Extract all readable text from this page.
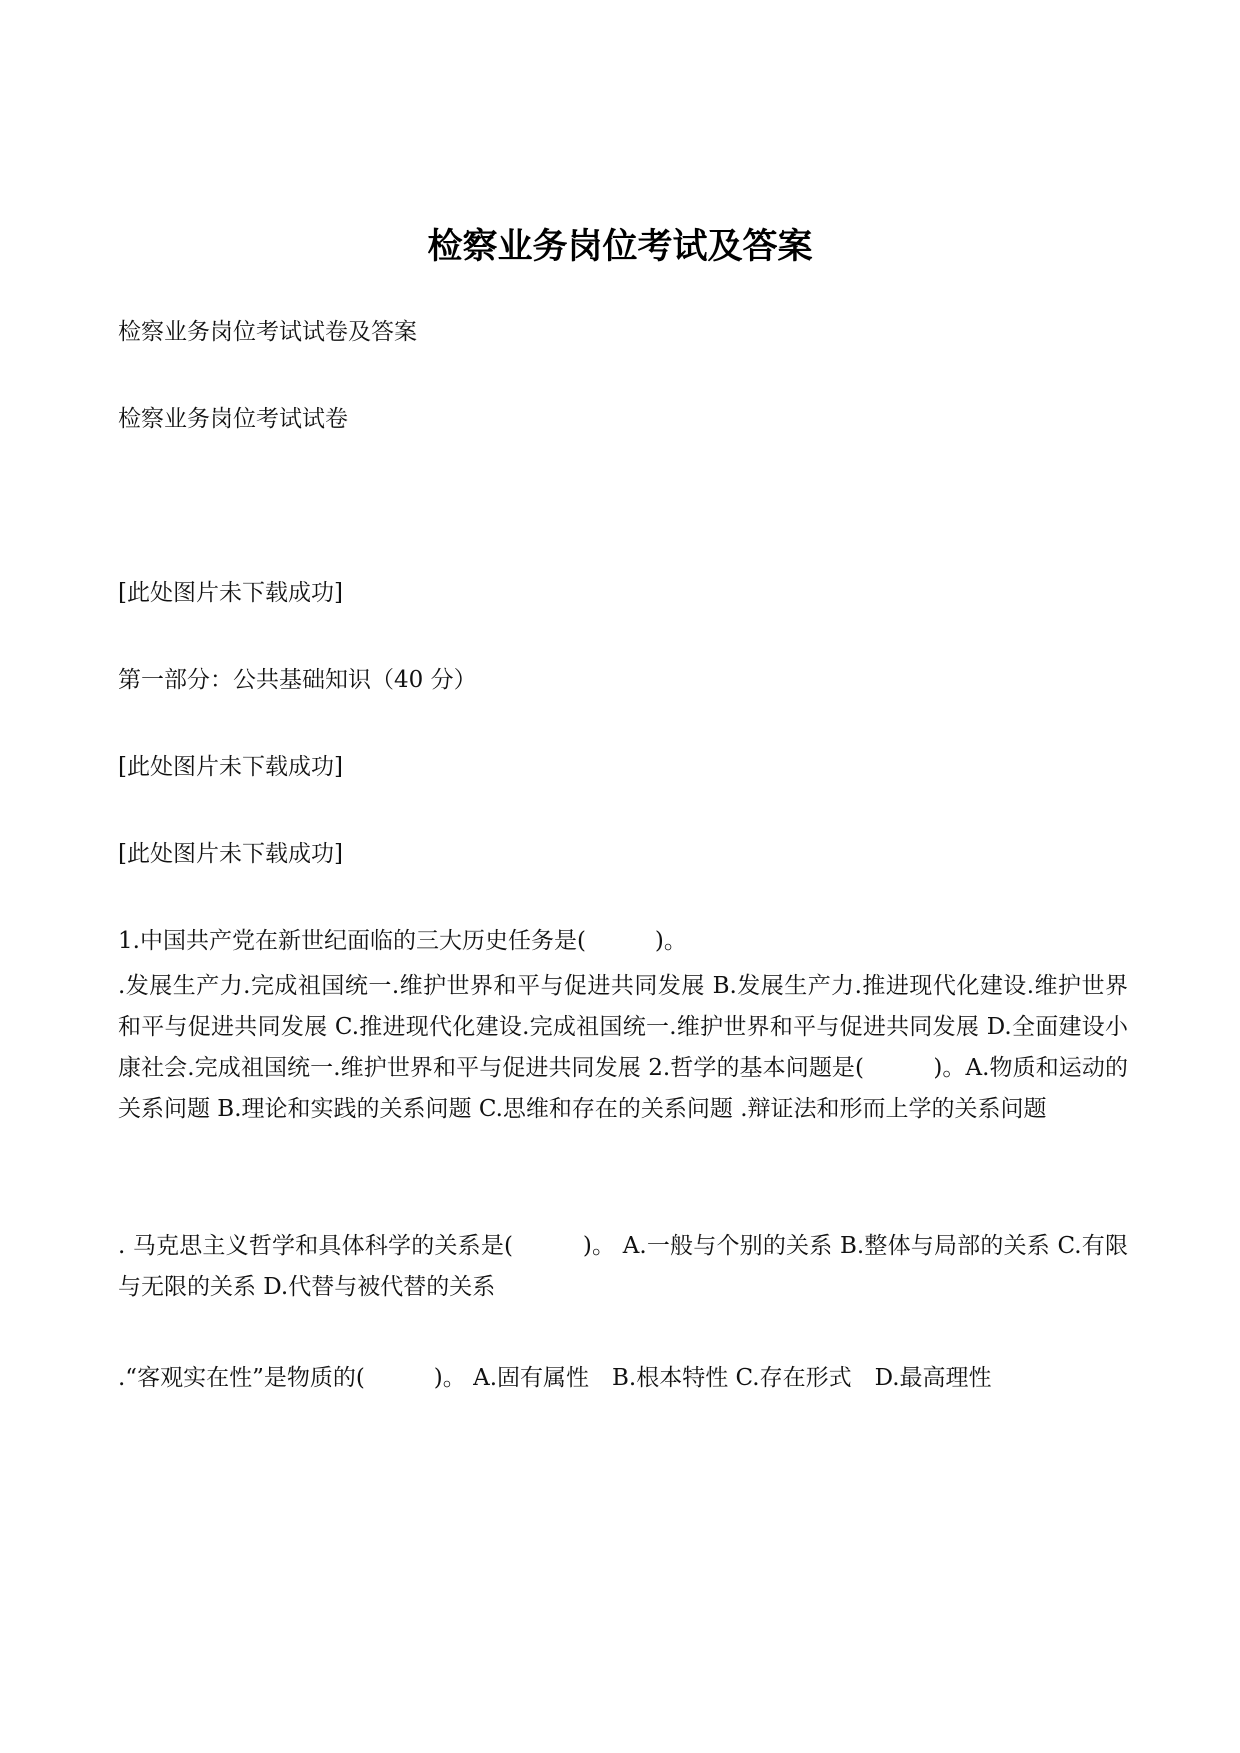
检察业务岗位考试及答案
检察业务岗位考试试卷及答案
检察业务岗位考试试卷
[此处图片未下载成功]
第一部分：公共基础知识（40 分）
[此处图片未下载成功]
[此处图片未下载成功]
1.中国共产党在新世纪面临的三大历史任务是(　　　)。
.发展生产力.完成祖国统一.维护世界和平与促进共同发展 B.发展生产力.推进现代化建设.维护世界和平与促进共同发展 C.推进现代化建设.完成祖国统一.维护世界和平与促进共同发展 D.全面建设小康社会.完成祖国统一.维护世界和平与促进共同发展 2.哲学的基本问题是(　　　)。A.物质和运动的关系问题 B.理论和实践的关系问题 C.思维和存在的关系问题 .辩证法和形而上学的关系问题
. 马克思主义哲学和具体科学的关系是(　　　)。 A.一般与个别的关系 B.整体与局部的关系 C.有限与无限的关系 D.代替与被代替的关系
.“客观实在性”是物质的(　　　)。 A.固有属性　B.根本特性 C.存在形式　D.最高理性
